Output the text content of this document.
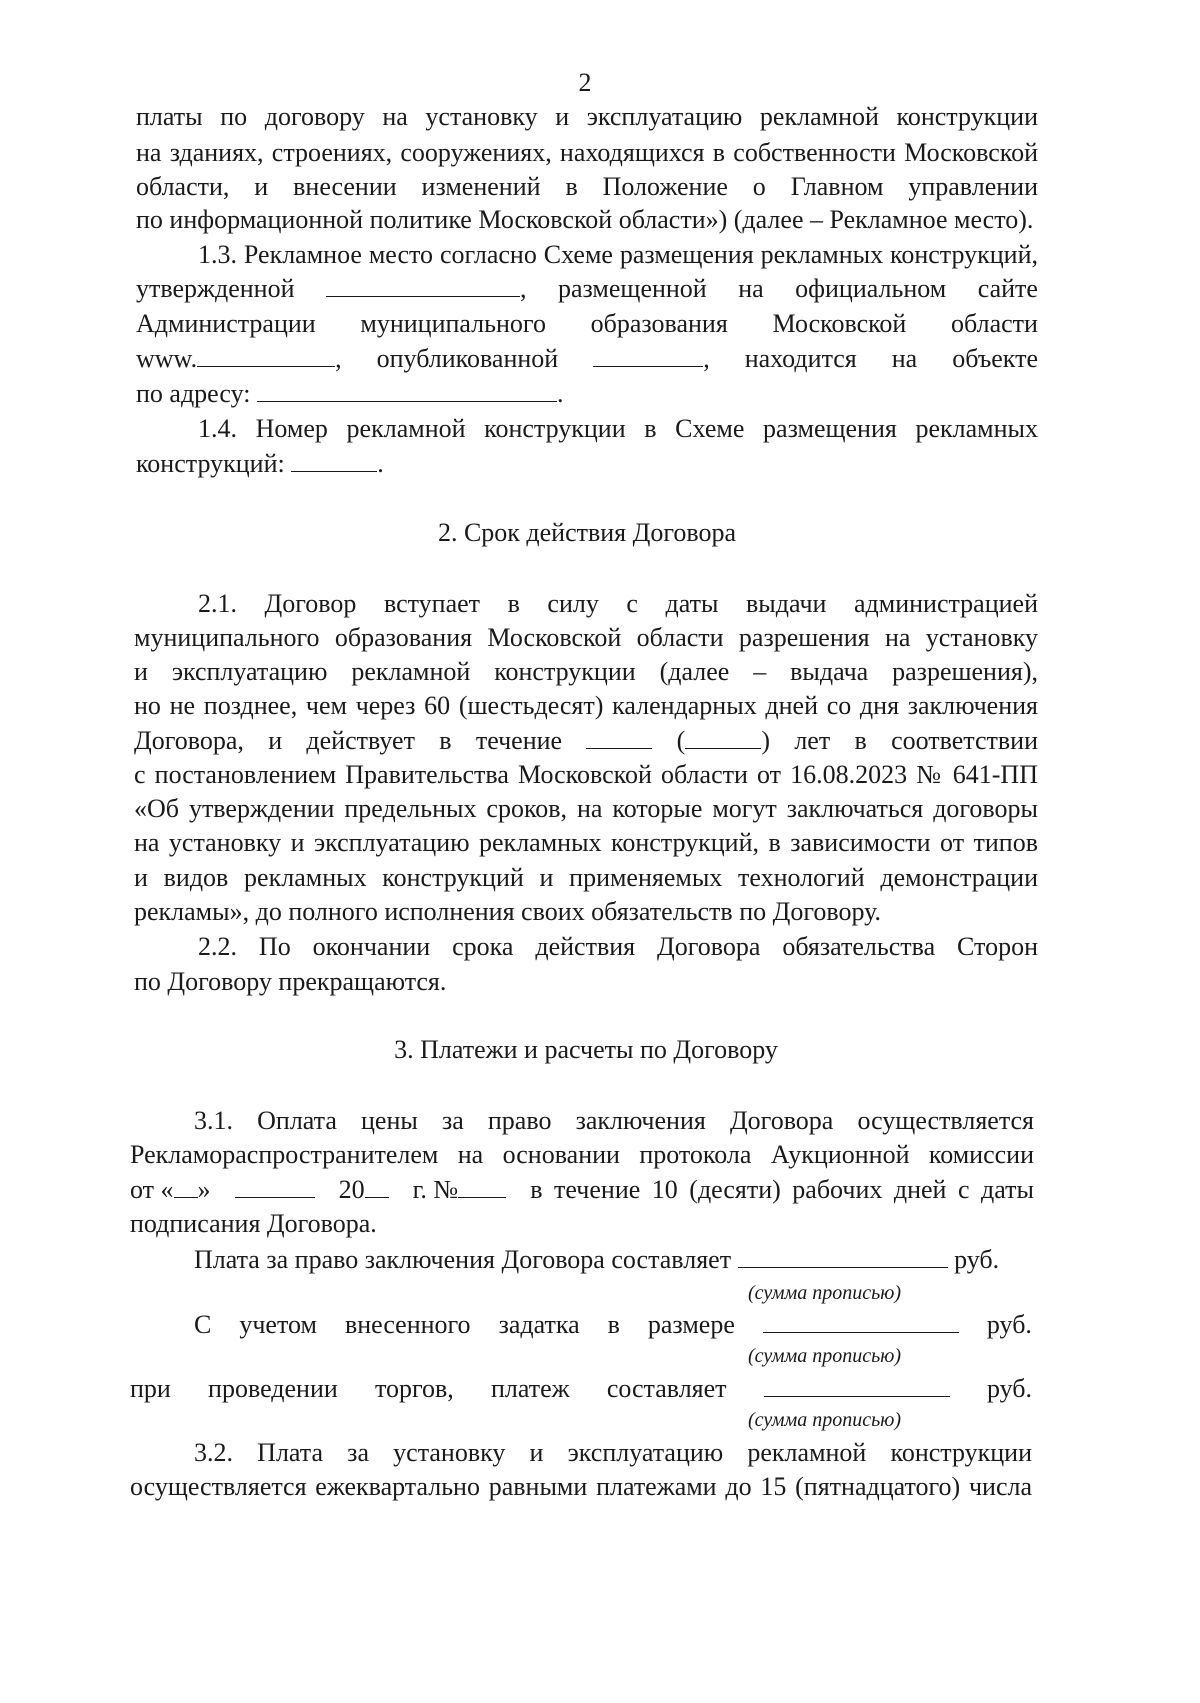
2
платы по договору на установку и эксплуатацию рекламной конструкции
на зданиях, строениях, сооружениях, находящихся в собственности Московской
области, и внесении изменений в Положение о Главном управлении
по информационной политике Московской области») (далее – Рекламное место).
1.3. Рекламное место согласно Схеме размещения рекламных конструкций,
утвержденной	, размещенной на официальном сайте
Администрации муниципального образования Московской области
www.	, опубликованной	, находится на объекте
по адресу:	.
1.4. Номер рекламной конструкции в Схеме размещения рекламных
конструкций:	.
2. Срок действия Договора
2.1. Договор вступает в силу с даты выдачи администрацией
муниципального образования Московской области разрешения на установку
и эксплуатацию рекламной конструкции (далее – выдача разрешения),
но не позднее, чем через 60 (шестьдесят) календарных дней со дня заключения
Договора, и действует в течение	(	) лет в соответствии
с постановлением Правительства Московской области от 16.08.2023 № 641-ПП
«Об утверждении предельных сроков, на которые могут заключаться договоры
на установку и эксплуатацию рекламных конструкций, в зависимости от типов
и видов рекламных конструкций и применяемых технологий демонстрации
рекламы», до полного исполнения своих обязательств по Договору.
2.2. По окончании срока действия Договора обязательства Сторон
по Договору прекращаются.
3. Платежи и расчеты по Договору
3.1. Оплата цены за право заключения Договора осуществляется
Рекламораспространителем на основании протокола Аукционной комиссии
от « »	20	г. №	в течение 10 (десяти) рабочих дней с даты
подписания Договора.
Плата за право заключения Договора составляет	руб.
(сумма прописью)
С учетом внесенного задатка в размере	руб.
(сумма прописью)
при проведении торгов, платеж составляет	руб.
(сумма прописью)
3.2. Плата за установку и эксплуатацию рекламной конструкции
осуществляется ежеквартально равными платежами до 15 (пятнадцатого) числа
